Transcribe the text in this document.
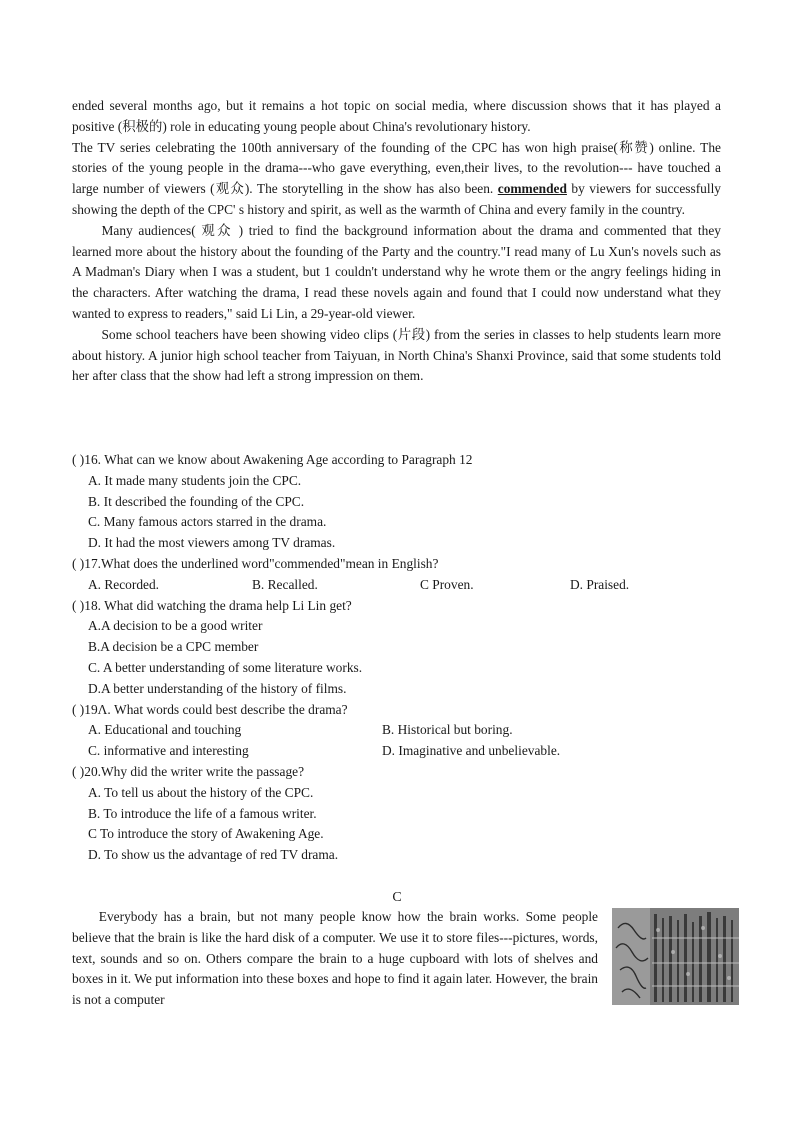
ended several months ago, but it remains a hot topic on social media, where discussion shows that it has played a positive (积极的) role in educating young people about China's revolutionary history.

The TV series celebrating the 100th anniversary of the founding of the CPC has won high praise(称赞) online. The stories of the young people in the drama---who gave everything, even,their lives, to the revolution--- have touched a large number of viewers (观众). The storytelling in the show has also been. commended by viewers for successfully showing the depth of the CPC' s history and spirit, as well as the warmth of China and every family in the country.

Many audiences( 观众 ) tried to find the background information about the drama and commented that they learned more about the history about the founding of the Party and the country."I read many of Lu Xun's novels such as A Madman's Diary when I was a student, but 1 couldn't understand why he wrote them or the angry feelings hiding in the characters. After watching the drama, I read these novels again and found that I could now understand what they wanted to express to readers," said Li Lin, a 29-year-old viewer.

Some school teachers have been showing video clips (片段) from the series in classes to help students learn more about history. A junior high school teacher from Taiyuan, in North China's Shanxi Province, said that some students told her after class that the show had left a strong impression on them.

( )16. What can we know about Awakening Age according to Paragraph 12
A. It made many students join the CPC.
B. It described the founding of the CPC.
C. Many famous actors starred in the drama.
D. It had the most viewers among TV dramas.
( )17.What does the underlined word"commended"mean in English?
A. Recorded.	B. Recalled.	C Proven.	D. Praised.
( )18. What did watching the drama help Li Lin get?
A.A decision to be a good writer
B.A decision be a CPC member
C. A better understanding of some literature works.
D.A better understanding of the history of films.
( )19Λ. What words could best describe the drama?
A. Educational and touching	B. Historical but boring.
C. informative and interesting	D. Imaginative and unbelievable.
( )20.Why did the writer write the passage?
A. To tell us about the history of the CPC.
B. To introduce the life of a famous writer.
C To introduce the story of Awakening Age.
D. To show us the advantage of red TV drama.
C

Everybody has a brain, but not many people know how the brain works. Some people believe that the brain is like the hard disk of a computer. We use it to store files---pictures, words, text, sounds and so on. Others compare the brain to a huge cupboard with lots of shelves and boxes in it. We put information into these boxes and hope to find it again later. However, the brain is not a computer
